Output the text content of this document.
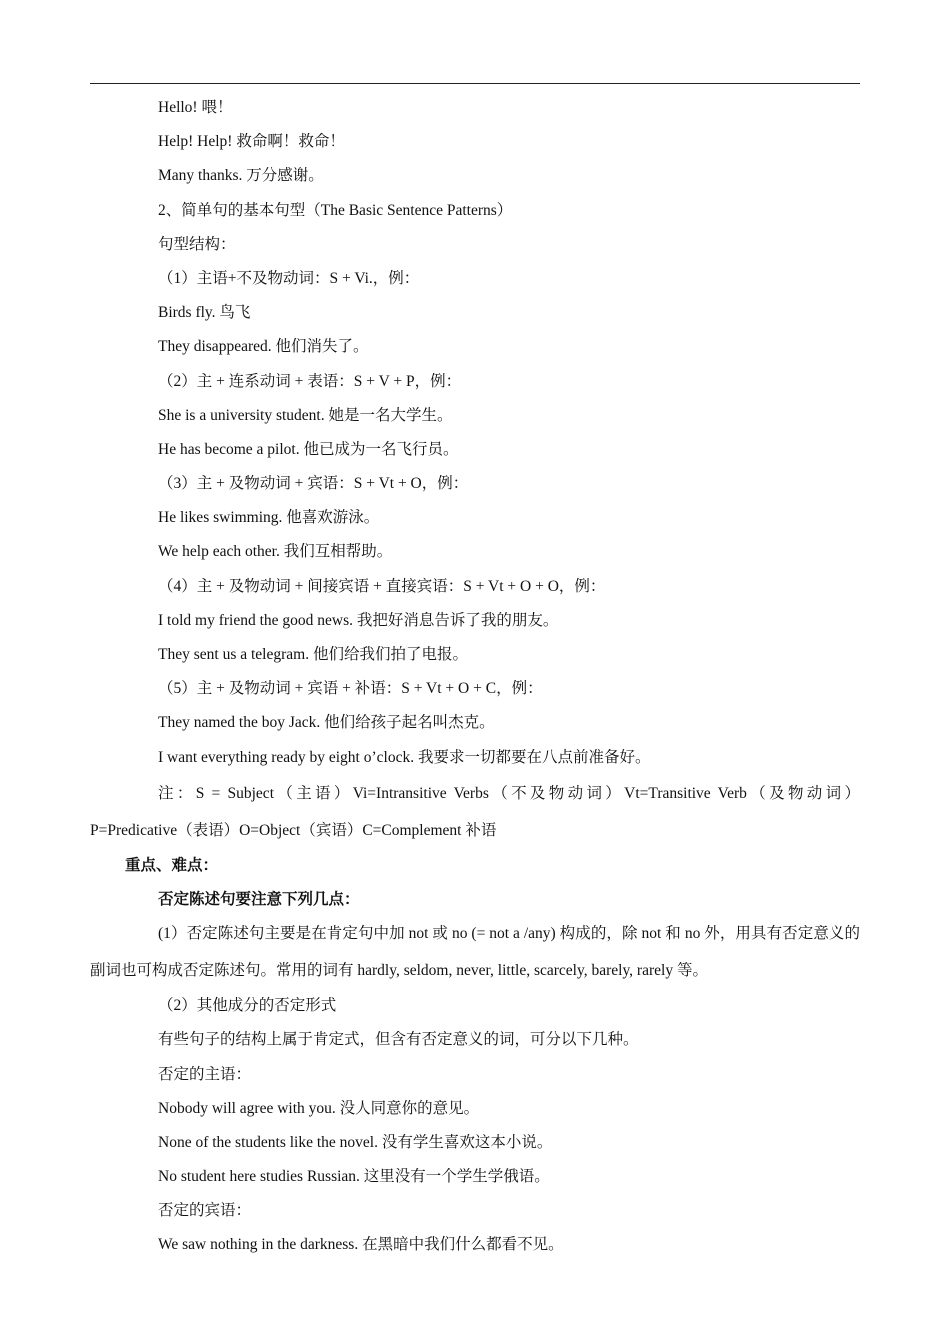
Hello! 喂！
Help! Help! 救命啊！救命！
Many thanks. 万分感谢。
2、简单句的基本句型（The Basic Sentence Patterns）
句型结构：
（1）主语+不及物动词：S + Vi.，例：
Birds fly. 鸟飞
They disappeared. 他们消失了。
（2）主 + 连系动词 + 表语：S + V + P，例：
She is a university student. 她是一名大学生。
He has become a pilot. 他已成为一名飞行员。
（3）主 + 及物动词 + 宾语：S + Vt + O，例：
He likes swimming. 他喜欢游泳。
We help each other. 我们互相帮助。
（4）主 + 及物动词 + 间接宾语 + 直接宾语：S + Vt + O + O，例：
I told my friend the good news. 我把好消息告诉了我的朋友。
They sent us a telegram. 他们给我们拍了电报。
（5）主 + 及物动词 + 宾语 + 补语：S + Vt + O + C，例：
They named the boy Jack. 他们给孩子起名叫杰克。
I want everything ready by eight o’clock. 我要求一切都要在八点前准备好。

注：S = Subject（主语）Vi=Intransitive Verbs（不及物动词）Vt=Transitive Verb（及物动词）P=Predicative（表语）O=Object（宾语）C=Complement 补语

重点、难点：
否定陈述句要注意下列几点：

(1）否定陈述句主要是在肯定句中加 not 或 no (= not a /any) 构成的，除 not 和 no 外，用具有否定意义的副词也可构成否定陈述句。常用的词有 hardly, seldom, never, little, scarcely, barely, rarely 等。

（2）其他成分的否定形式
有些句子的结构上属于肯定式，但含有否定意义的词，可分以下几种。
否定的主语：
Nobody will agree with you. 没人同意你的意见。
None of the students like the novel. 没有学生喜欢这本小说。
No student here studies Russian. 这里没有一个学生学俄语。
否定的宾语：
We saw nothing in the darkness. 在黑暗中我们什么都看不见。
